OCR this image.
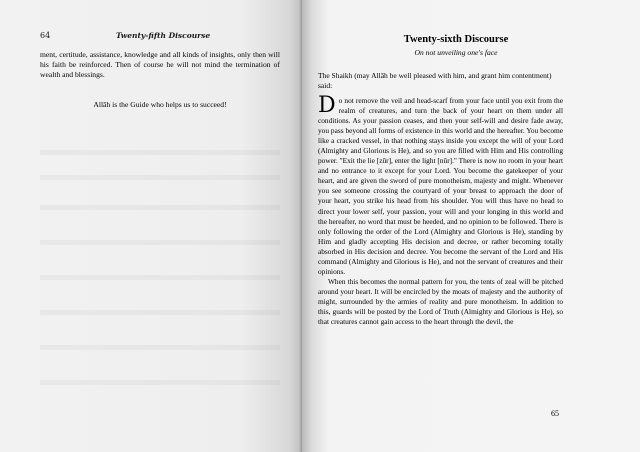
64	Twenty-fifth Discourse
ment, certitude, assistance, knowledge and all kinds of insights, only then will his faith be reinforced. Then of course he will not mind the termination of wealth and blessings.
Allāh is the Guide who helps us to succeed!
Twenty-sixth Discourse
On not unveiling one's face
The Shaikh (may Allāh be well pleased with him, and grant him contentment) said:

Do not remove the veil and head-scarf from your face until you exit from the realm of creatures, and turn the back of your heart on them under all conditions. As your passion ceases, and then your self-will and desire fade away, you pass beyond all forms of existence in this world and the hereafter. You become like a cracked vessel, in that nothing stays inside you except the will of your Lord (Almighty and Glorious is He), and so you are filled with Him and His controlling power. "Exit the lie [zūr], enter the light [nūr]." There is now no room in your heart and no entrance to it except for your Lord. You become the gatekeeper of your heart, and are given the sword of pure monotheism, majesty and might. Whenever you see someone crossing the courtyard of your breast to approach the door of your heart, you strike his head from his shoulder. You will thus have no head to direct your lower self, your passion, your will and your longing in this world and the hereafter, no word that must be heeded, and no opinion to be followed. There is only following the order of the Lord (Almighty and Glorious is He), standing by Him and gladly accepting His decision and decree, or rather becoming totally absorbed in His decision and decree. You become the servant of the Lord and His command (Almighty and Glorious is He), and not the servant of creatures and their opinions.

When this becomes the normal pattern for you, the tents of zeal will be pitched around your heart. It will be encircled by the moats of majesty and the authority of might, surrounded by the armies of reality and pure monotheism. In addition to this, guards will be posted by the Lord of Truth (Almighty and Glorious is He), so that creatures cannot gain access to the heart through the devil, the

65
